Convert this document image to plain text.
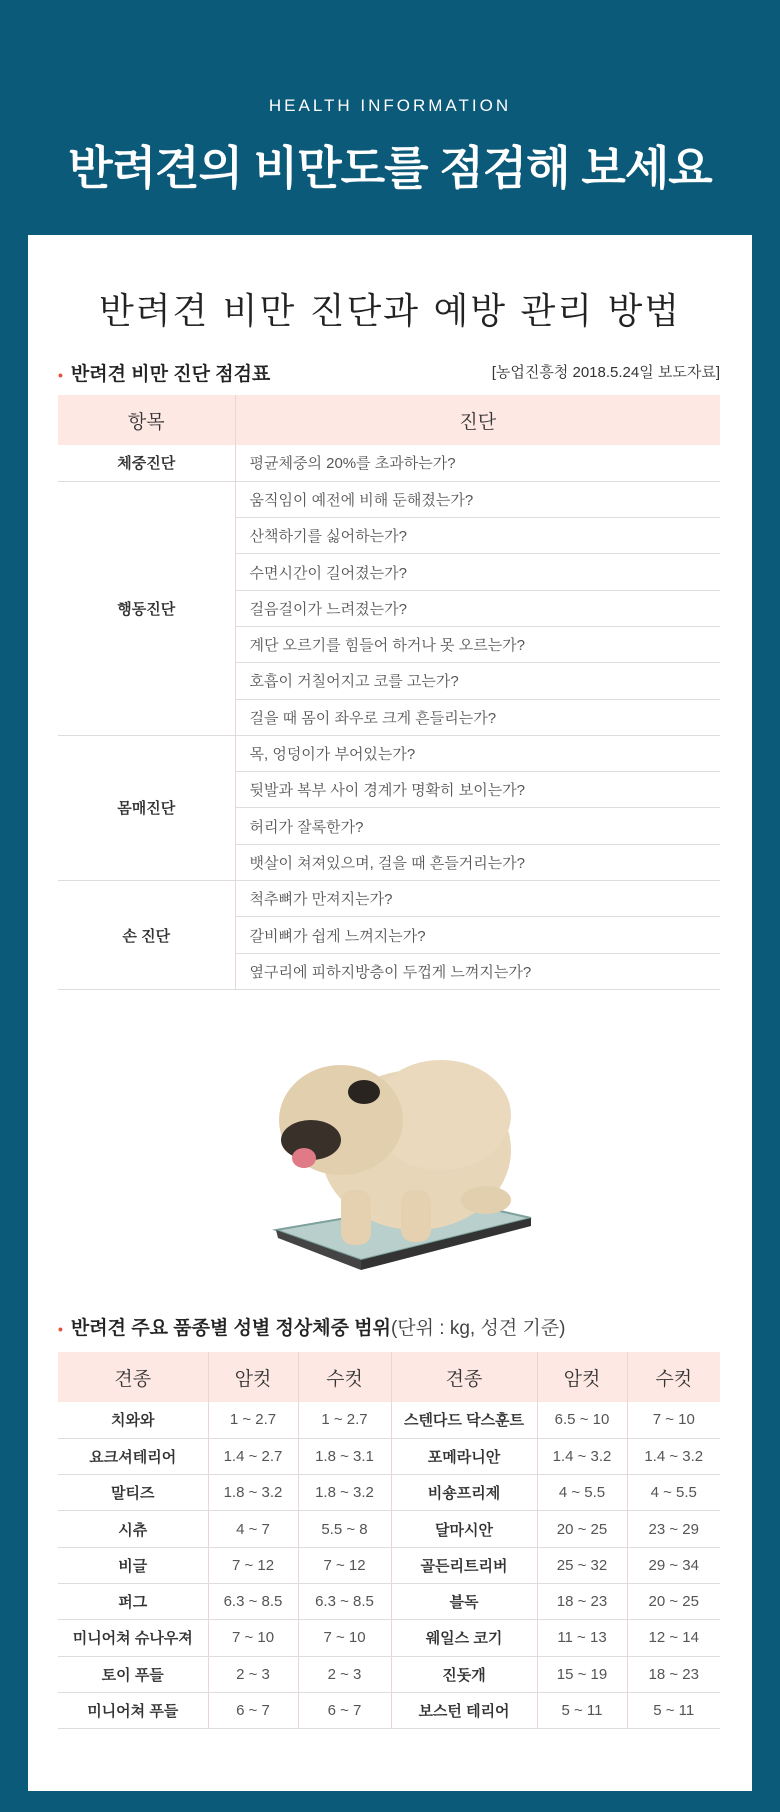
HEALTH INFORMATION
반려견의 비만도를 점검해 보세요
반려견 비만 진단과 예방 관리 방법
• 반려견 비만 진단 점검표	[농업진흥청 2018.5.24일 보도자료]
항목	진단
체중진단	평균체중의 20%를 초과하는가?
행동진단	움직임이 예전에 비해 둔해졌는가?
	산책하기를 싫어하는가?
	수면시간이 길어졌는가?
	걸음걸이가 느려졌는가?
	계단 오르기를 힘들어 하거나 못 오르는가?
	호흡이 거칠어지고 코를 고는가?
	걸을 때 몸이 좌우로 크게 흔들리는가?
몸매진단	목, 엉덩이가 부어있는가?
	뒷발과 복부 사이 경계가 명확히 보이는가?
	허리가 잘록한가?
	뱃살이 쳐져있으며, 걸을 때 흔들거리는가?
손 진단	척추뼈가 만져지는가?
	갈비뼈가 쉽게 느껴지는가?
	옆구리에 피하지방층이 두껍게 느껴지는가?
• 반려견 주요 품종별 성별 정상체중 범위(단위 : kg, 성견 기준)
견종	암컷	수컷	견종	암컷	수컷
치와와	1 ~ 2.7	1 ~ 2.7	스텐다드 닥스훈트	6.5 ~ 10	7 ~ 10
요크셔테리어	1.4 ~ 2.7	1.8 ~ 3.1	포메라니안	1.4 ~ 3.2	1.4 ~ 3.2
말티즈	1.8 ~ 3.2	1.8 ~ 3.2	비숑프리제	4 ~ 5.5	4 ~ 5.5
시츄	4 ~ 7	5.5 ~ 8	달마시안	20 ~ 25	23 ~ 29
비글	7 ~ 12	7 ~ 12	골든리트리버	25 ~ 32	29 ~ 34
퍼그	6.3 ~ 8.5	6.3 ~ 8.5	블독	18 ~ 23	20 ~ 25
미니어쳐 슈나우져	7 ~ 10	7 ~ 10	웨일스 코기	11 ~ 13	12 ~ 14
토이 푸들	2 ~ 3	2 ~ 3	진돗개	15 ~ 19	18 ~ 23
미니어쳐 푸들	6 ~ 7	6 ~ 7	보스턴 테리어	5 ~ 11	5 ~ 11
